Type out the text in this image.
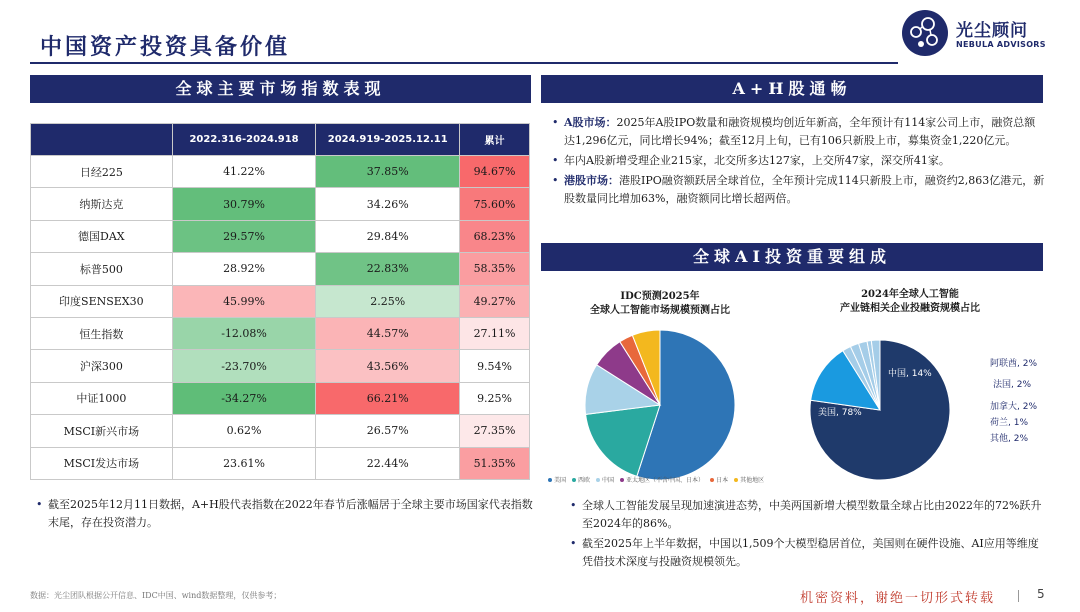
中国资产投资具备价值
光尘顾问
NEBULA ADVISORS
全球主要市场指数表现	A+H股通畅
全球AI投资重要组成
	2022.316-2024.918	2024.919-2025.12.11	累计
日经225	41.22%	37.85%	94.67%
纳斯达克	30.79%	34.26%	75.60%
德国DAX	29.57%	29.84%	68.23%
标普500	28.92%	22.83%	58.35%
印度SENSEX30	45.99%	2.25%	49.27%
恒生指数	-12.08%	44.57%	27.11%
沪深300	-23.70%	43.56%	9.54%
中证1000	-34.27%	66.21%	9.25%
MSCI新兴市场	0.62%	26.57%	27.35%
MSCI发达市场	23.61%	22.44%	51.35%
• 截至2025年12月11日数据，A+H股代表指数在2022年春节后涨幅居于全球主要市场国家代表指数末尾，存在投资潜力。
• A股市场：2025年A股IPO数量和融资规模均创近年新高，全年预计有114家公司上市，融资总额达1,296亿元，同比增长94%；截至12月上旬，已有106只新股上市，募集资金1,220亿元。
• 年内A股新增受理企业215家，北交所多达127家，上交所47家，深交所41家。
• 港股市场：港股IPO融资额跃居全球首位，全年预计完成114只新股上市，融资约2,863亿港元，新股数量同比增加63%，融资额同比增长超两倍。
IDC预测2025年
全球人工智能市场规模预测占比
2024年全球人工智能
产业链相关企业投融资规模占比
美国 西欧 中国 亚太地区（不含中国、日本） 日本 其他地区
美国, 78%
中国, 14%
阿联酋, 2%
法国, 2%
加拿大, 2%
荷兰, 1%
其他, 2%
• 全球人工智能发展呈现加速演进态势，中美两国新增大模型数量全球占比由2022年的72%跃升至2024年的86%。
• 截至2025年上半年数据，中国以1,509个大模型稳居首位，美国则在硬件设施、AI应用等维度凭借技术深度与投融资规模领先。
数据：光尘团队根据公开信息、IDC中国、wind数据整理，仅供参考；	机密资料，谢绝一切形式转载	5
